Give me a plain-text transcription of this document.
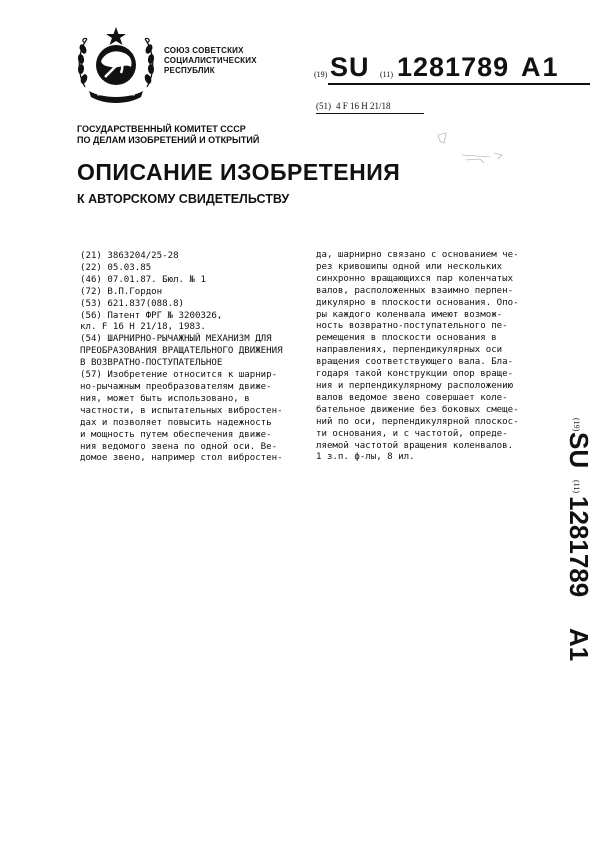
СОЮЗ СОВЕТСКИХ
СОЦИАЛИСТИЧЕСКИХ
РЕСПУБЛИК	(19) SU (11) 1281789 A1
(51) 4 F 16 H 21/18
ГОСУДАРСТВЕННЫЙ КОМИТЕТ СССР
ПО ДЕЛАМ ИЗОБРЕТЕНИЙ И ОТКРЫТИЙ
ОПИСАНИЕ ИЗОБРЕТЕНИЯ
К АВТОРСКОМУ СВИДЕТЕЛЬСТВУ
(21) 3863204/25-28
(22) 05.03.85
(46) 07.01.87. Бюл. № 1
(72) В.П.Гордон
(53) 621.837(088.8)
(56) Патент ФРГ № 3200326,
кл. F 16 H 21/18, 1983.
(54) ШАРНИРНО-РЫЧАЖНЫЙ МЕХАНИЗМ ДЛЯ
ПРЕОБРАЗОВАНИЯ ВРАЩАТЕЛЬНОГО ДВИЖЕНИЯ
В ВОЗВРАТНО-ПОСТУПАТЕЛЬНОЕ
(57) Изобретение относится к шарнир-
но-рычажным преобразователям движе-
ния, может быть использовано, в
частности, в испытательных вибростен-
дах и позволяет повысить надежность
и мощность путем обеспечения движе-
ния ведомого звена по одной оси. Ве-
домое звено, например стол вибростен-
да, шарнирно связано с основанием че-
рез кривошипы одной или нескольких
синхронно вращающихся пар коленчатых
валов, расположенных взаимно перпен-
дикулярно в плоскости основания. Опо-
ры каждого коленвала имеют возмож-
ность возвратно-поступательного пе-
ремещения в плоскости основания в
направлениях, перпендикулярных оси
вращения соответствующего вала. Бла-
годаря такой конструкции опор враще-
ния и перпендикулярному расположению
валов ведомое звено совершает коле-
бательное движение без боковых смеще-
ний по оси, перпендикулярной плоскос-
ти основания, и с частотой, опреде-
ляемой частотой вращения коленвалов.
1 з.п. ф-лы, 8 ил.
(19)
SU
(11)
1281789
A1
